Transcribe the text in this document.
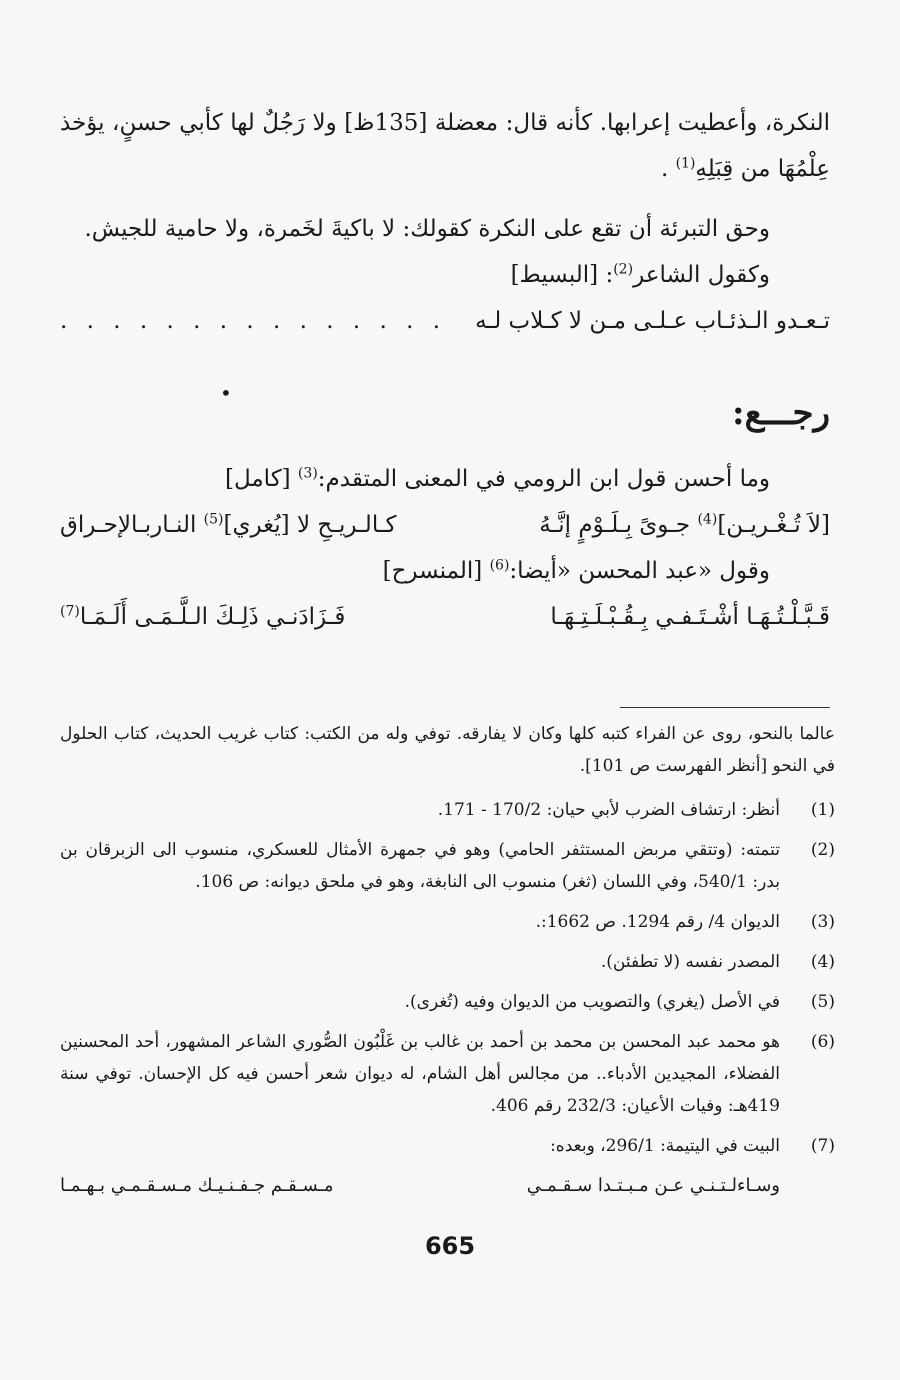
النكرة، وأعطيت إعرابها. كأنه قال: معضلة [135ظ] ولا رَجُلٌ لها كأبي حسنٍ، يؤخذ عِلْمُهَا من قِبَلِهِ$^{(1)}$ .

وحق التبرئة أن تقع على النكرة كقولك: لا باكيةَ لخَمرة، ولا حامية للجيش.

وكقول الشاعر$^{(2)}$: [البسيط]

تـعـدو الـذئـاب عـلـى مـن لا كـلاب لـه
. . . . . . . . . . . . . . .
•	رجـــع:

وما أحسن قول ابن الرومي في المعنى المتقدم:$^{(3)}$ [كامل]

[لاَ تُـغْـريـن]$^{(4)}$ جـوىً بِـلَـوْمٍ إنَّـهُ
كـالـريـحِ لا [يُغري]$^{(5)}$ النـاربـالإحـراق

وقول «عبد المحسن «أيضا:$^{(6)}$ [المنسرح]

قَـبَّـلْـتُـهَـا أشْـتَـفـي بِـقُـبْـلَـتِـهَـا
فَـزَادَنـي ذَلِـكَ الـلَّـمَـى أَلَـمَـا$^{(7)}$
عالما بالنحو، روى عن الفراء كتبه كلها وكان لا يفارقه. توفي وله من الكتب: كتاب غريب الحديث، كتاب الحلول في النحو [أنظر الفهرست ص 101].
(1)
أنظر: ارتشاف الضرب لأبي حيان: 170/2 - 171.
(2)
تتمته: (وتتقي مربض المستثفر الحامي) وهو في جمهرة الأمثال للعسكري، منسوب الى الزبرقان بن بدر: 540/1، وفي اللسان (ثغر) منسوب الى النابغة، وهو في ملحق ديوانه: ص 106.
(3)
الديوان 4/ رقم 1294. ص 1662:.
(4)
المصدر نفسه (لا تطفئن).
(5)
في الأصل (يغري) والتصويب من الديوان وفيه (تُغرى).
(6)
هو محمد عبد المحسن بن محمد بن أحمد بن غالب بن غَلْبُون الصُّوري الشاعر المشهور، أحد المحسنين الفضلاء، المجيدين الأدباء.. من مجالس أهل الشام، له ديوان شعر أحسن فيه كل الإحسان. توفي سنة 419هـ: وفيات الأعيان: 232/3 رقم 406.
(7)
البيت في اليتيمة: 296/1، وبعده:
وسـاءلـتـنـي عـن مـبـتـدا سـقـمـي
مـسـقـم جـفـنـيـك مـسـقـمـي بـهـمـا
665
